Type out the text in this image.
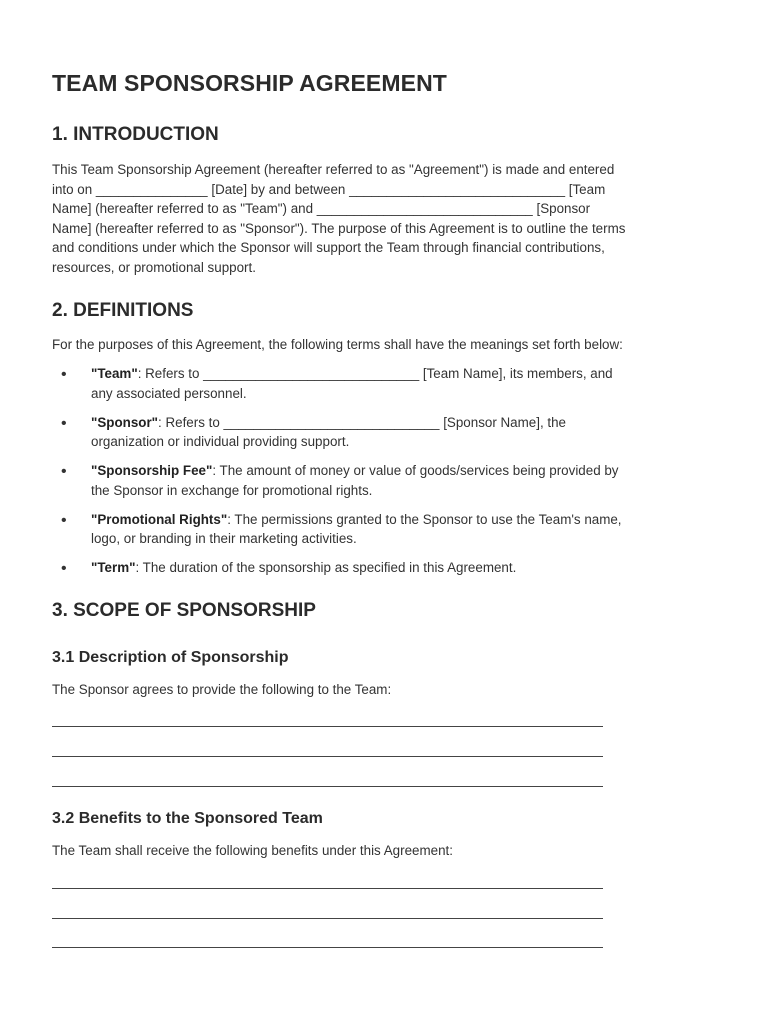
TEAM SPONSORSHIP AGREEMENT
1. INTRODUCTION

This Team Sponsorship Agreement (hereafter referred to as "Agreement") is made and entered
into on _______________ [Date] by and between _____________________________ [Team
Name] (hereafter referred to as "Team") and _____________________________ [Sponsor
Name] (hereafter referred to as "Sponsor"). The purpose of this Agreement is to outline the terms
and conditions under which the Sponsor will support the Team through financial contributions,
resources, or promotional support.

2. DEFINITIONS

For the purposes of this Agreement, the following terms shall have the meanings set forth below:

• "Team": Refers to _____________________________ [Team Name], its members, and
any associated personnel.
• "Sponsor": Refers to _____________________________ [Sponsor Name], the
organization or individual providing support.
• "Sponsorship Fee": The amount of money or value of goods/services being provided by
the Sponsor in exchange for promotional rights.
• "Promotional Rights": The permissions granted to the Sponsor to use the Team's name,
logo, or branding in their marketing activities.
• "Term": The duration of the sponsorship as specified in this Agreement.
3. SCOPE OF SPONSORSHIP
3.1 Description of Sponsorship

The Sponsor agrees to provide the following to the Team:

3.2 Benefits to the Sponsored Team

The Team shall receive the following benefits under this Agreement:
